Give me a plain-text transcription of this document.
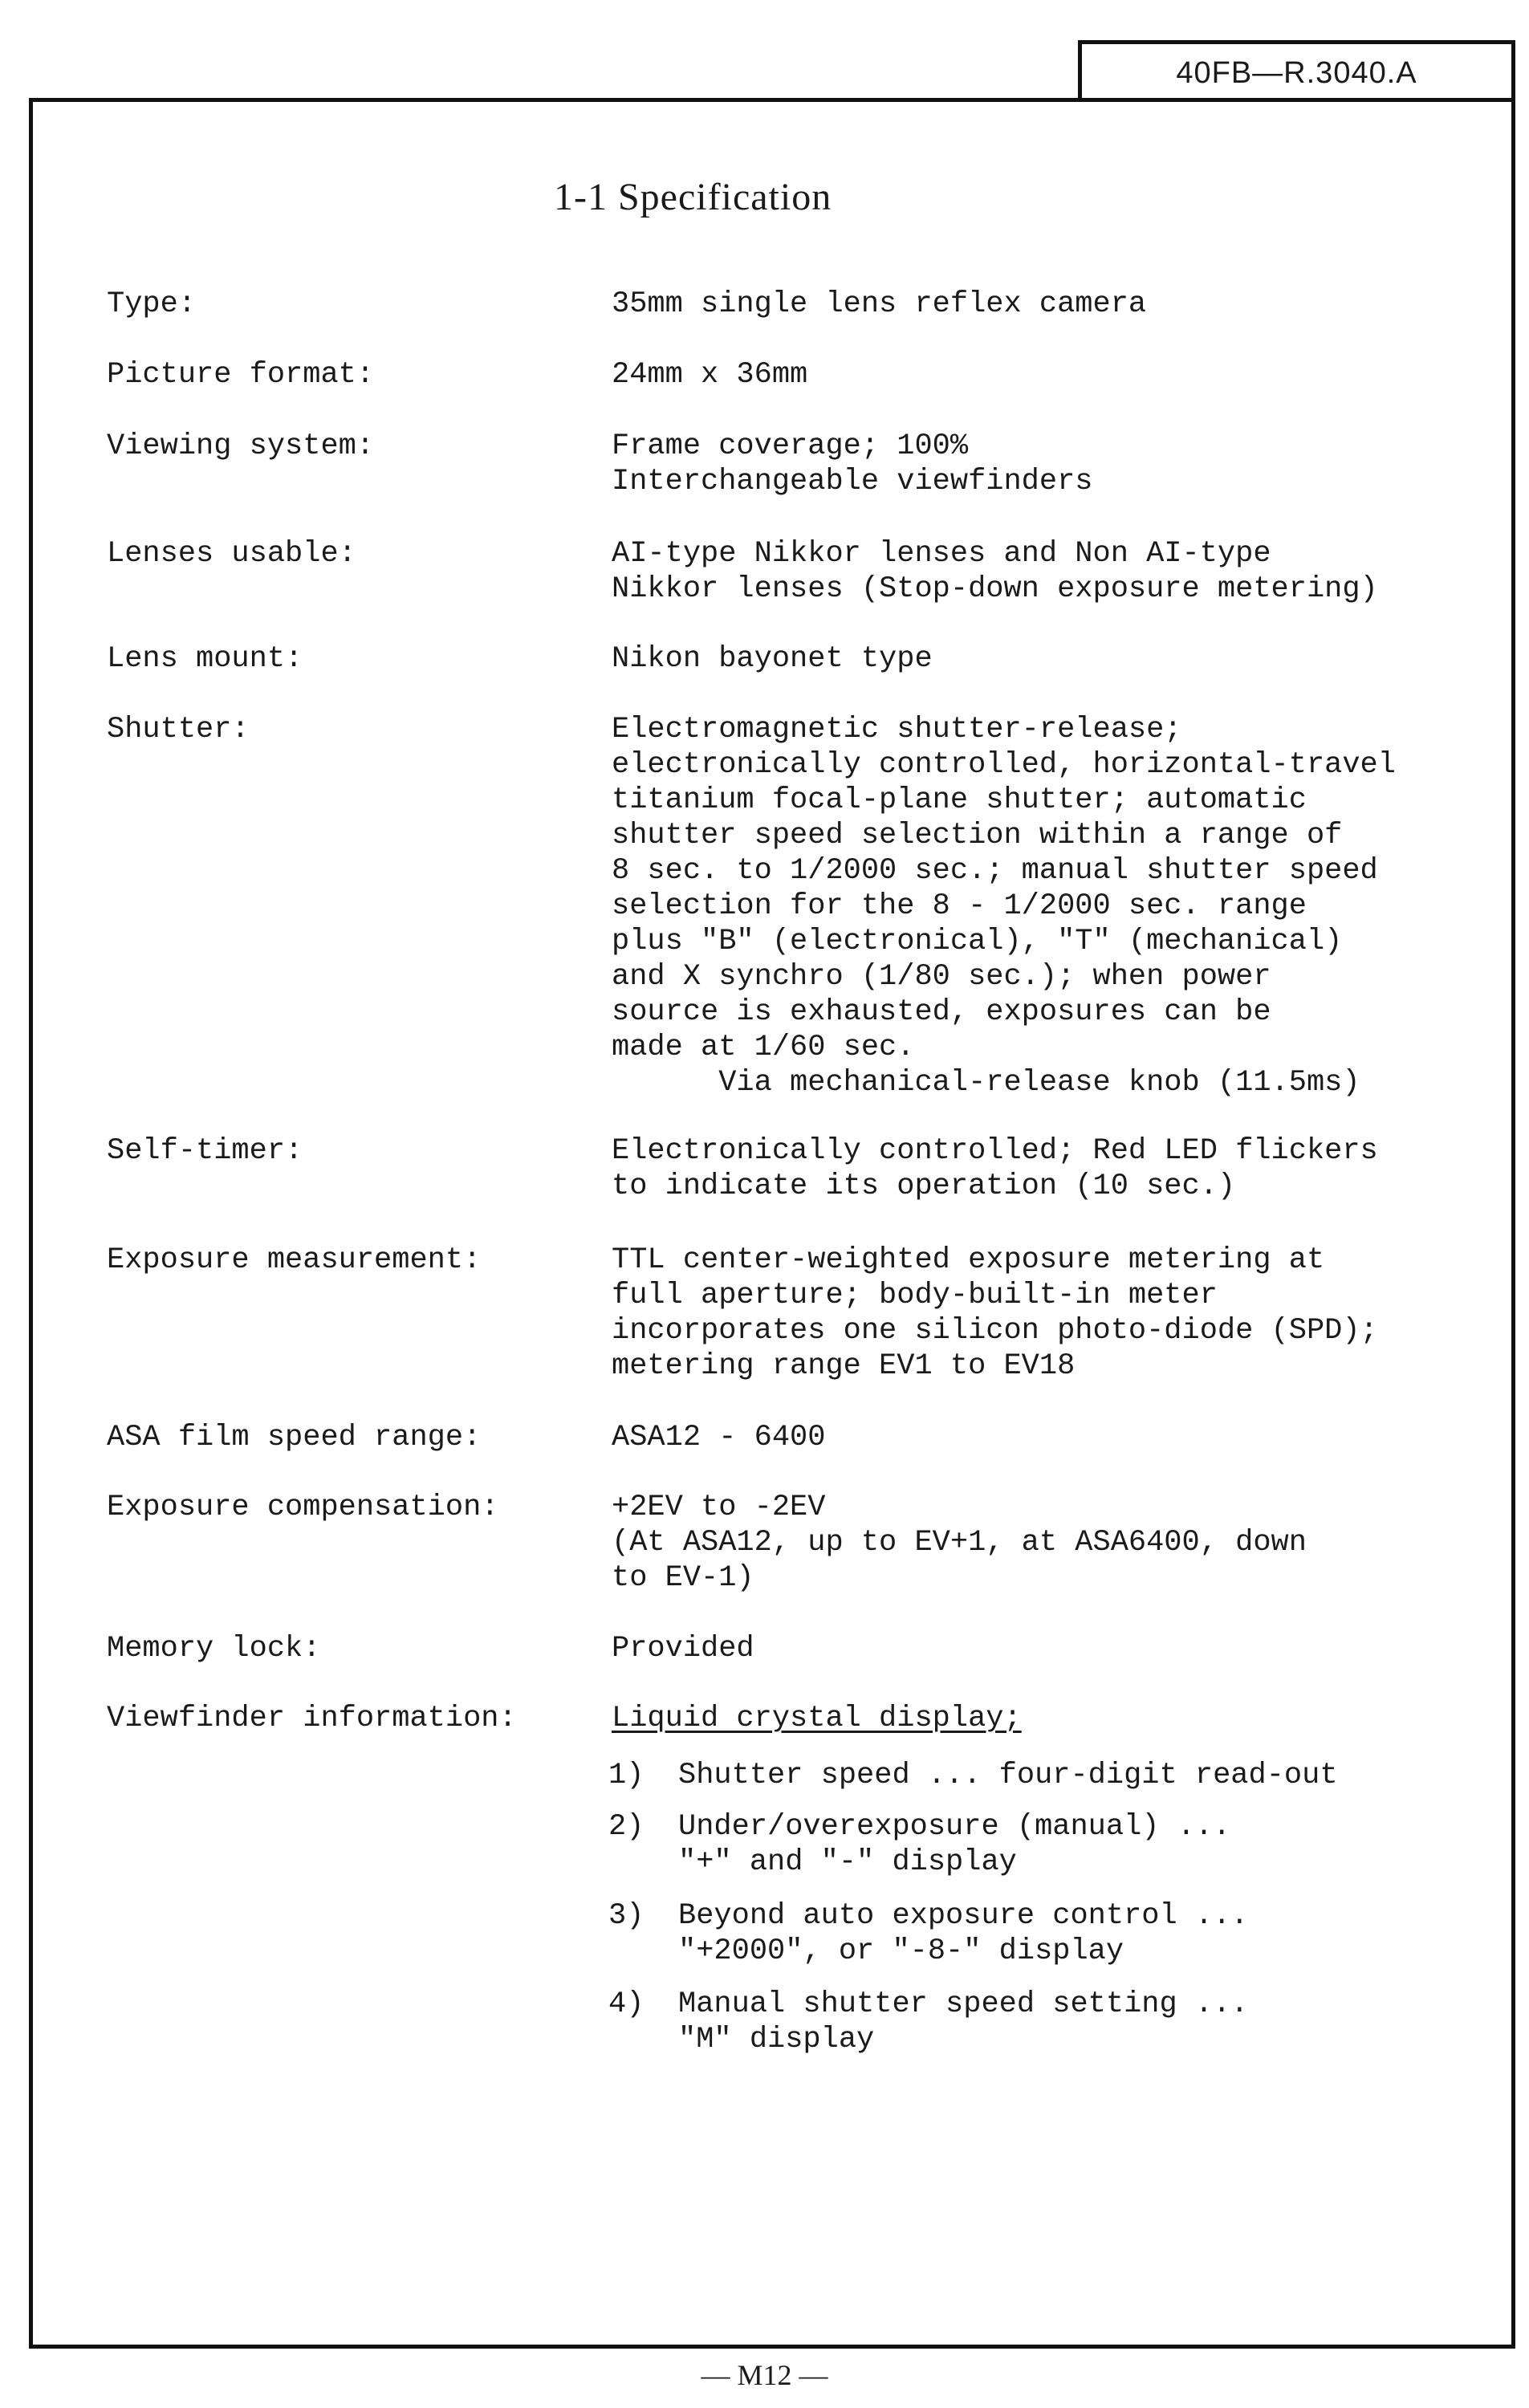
40FB—R.3040.A
1-1 Specification
Type:	35mm single lens reflex camera
Picture format:	24mm x 36mm
Viewing system:	Frame coverage; 100%
Interchangeable viewfinders
Lenses usable:	AI-type Nikkor lenses and Non AI-type
Nikkor lenses (Stop-down exposure metering)
Lens mount:	Nikon bayonet type
Shutter:	Electromagnetic shutter-release;
electronically controlled, horizontal-travel
titanium focal-plane shutter; automatic
shutter speed selection within a range of
8 sec. to 1/2000 sec.; manual shutter speed
selection for the 8 - 1/2000 sec. range
plus "B" (electronical), "T" (mechanical)
and X synchro (1/80 sec.); when power
source is exhausted, exposures can be
made at 1/60 sec.
Via mechanical-release knob (11.5ms)
Self-timer:	Electronically controlled; Red LED flickers
to indicate its operation (10 sec.)
Exposure measurement:	TTL center-weighted exposure metering at
full aperture; body-built-in meter
incorporates one silicon photo-diode (SPD);
metering range EV1 to EV18
ASA film speed range:	ASA12 - 6400
Exposure compensation:	+2EV to -2EV
(At ASA12, up to EV+1, at ASA6400, down
to EV-1)
Memory lock:	Provided
Viewfinder information:	Liquid crystal display;
1) Shutter speed ... four-digit read-out
2) Under/overexposure (manual) ...
"+" and "-" display
3) Beyond auto exposure control ...
"+2000", or "-8-" display
4) Manual shutter speed setting ...
"M" display
— M12 —
